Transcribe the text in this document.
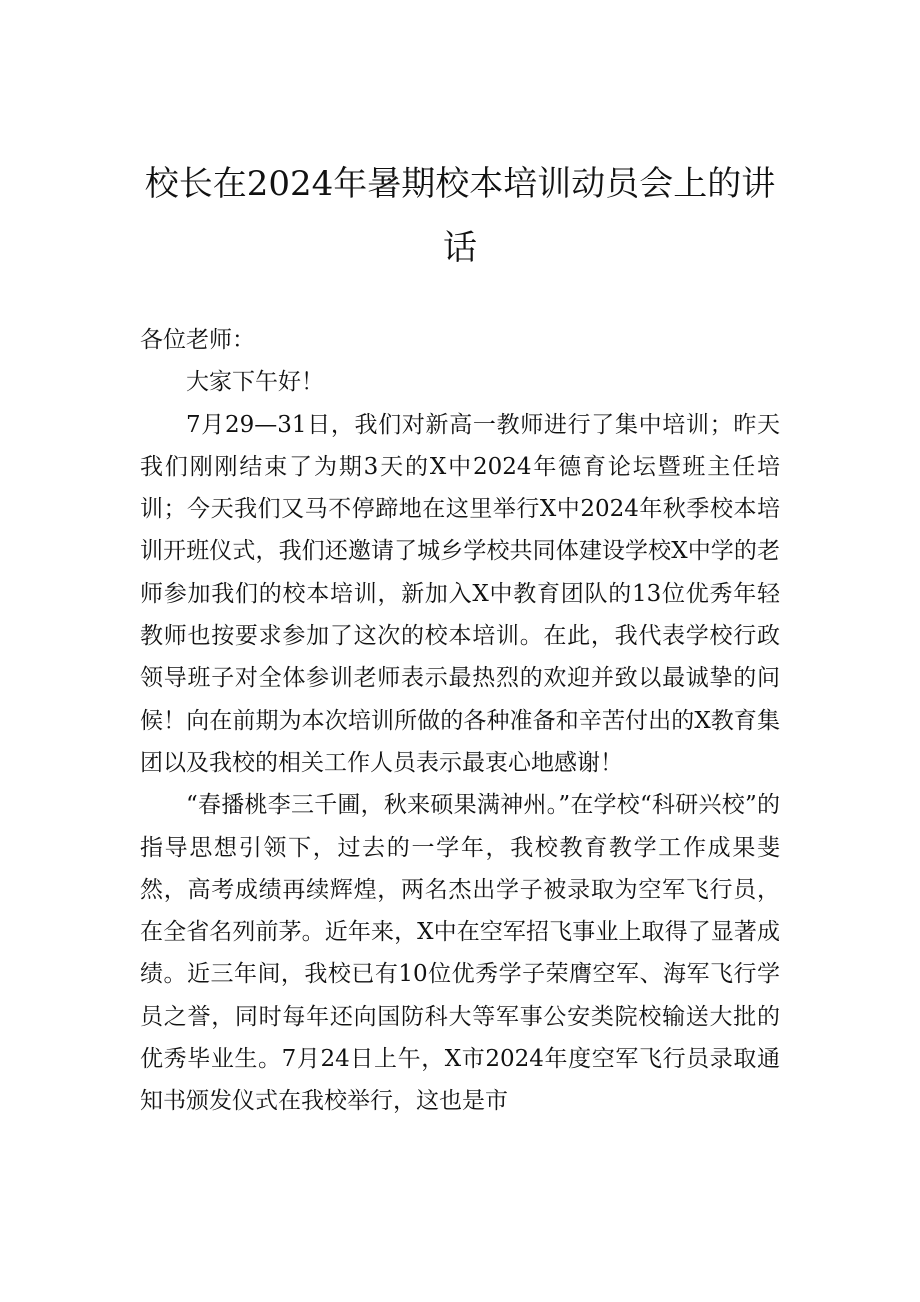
校长在2024年暑期校本培训动员会上的讲话

各位老师：

大家下午好！

7月29—31日，我们对新高一教师进行了集中培训；昨天我们刚刚结束了为期3天的X中2024年德育论坛暨班主任培训；今天我们又马不停蹄地在这里举行X中2024年秋季校本培训开班仪式，我们还邀请了城乡学校共同体建设学校X中学的老师参加我们的校本培训，新加入X中教育团队的13位优秀年轻教师也按要求参加了这次的校本培训。在此，我代表学校行政领导班子对全体参训老师表示最热烈的欢迎并致以最诚挚的问候！向在前期为本次培训所做的各种准备和辛苦付出的X教育集团以及我校的相关工作人员表示最衷心地感谢！

“春播桃李三千圃，秋来硕果满神州。”在学校“科研兴校”的指导思想引领下，过去的一学年，我校教育教学工作成果斐然，高考成绩再续辉煌，两名杰出学子被录取为空军飞行员，在全省名列前茅。近年来，X中在空军招飞事业上取得了显著成绩。近三年间，我校已有10位优秀学子荣膺空军、海军飞行学员之誉，同时每年还向国防科大等军事公安类院校输送大批的优秀毕业生。7月24日上午，X市2024年度空军飞行员录取通知书颁发仪式在我校举行，这也是市
